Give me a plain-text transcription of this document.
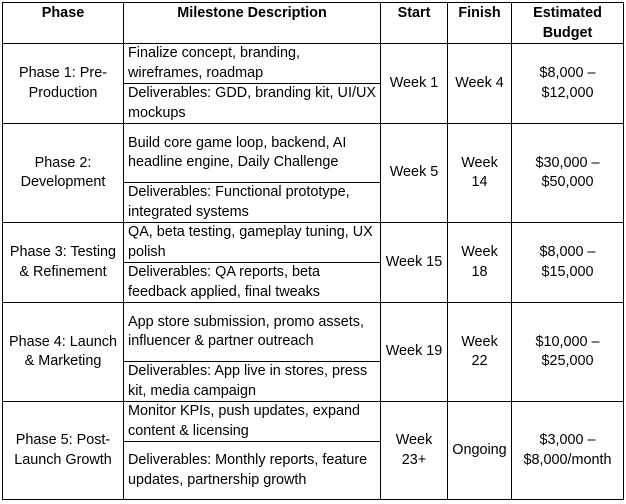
Phase	Milestone Description	Start	Finish	Estimated Budget
Phase 1: Pre-Production	Finalize concept, branding, wireframes, roadmap	Week 1	Week 4	$8,000 – $12,000
	Deliverables: GDD, branding kit, UI/UX mockups			
Phase 2: Development	Build core game loop, backend, AI headline engine, Daily Challenge	Week 5	Week 14	$30,000 – $50,000
	Deliverables: Functional prototype, integrated systems			
Phase 3: Testing & Refinement	QA, beta testing, gameplay tuning, UX polish	Week 15	Week 18	$8,000 – $15,000
	Deliverables: QA reports, beta feedback applied, final tweaks			
Phase 4: Launch & Marketing	App store submission, promo assets, influencer & partner outreach	Week 19	Week 22	$10,000 – $25,000
	Deliverables: App live in stores, press kit, media campaign			
Phase 5: Post-Launch Growth	Monitor KPIs, push updates, expand content & licensing	Week 23+	Ongoing	$3,000 – $8,000/month
	Deliverables: Monthly reports, feature updates, partnership growth			
